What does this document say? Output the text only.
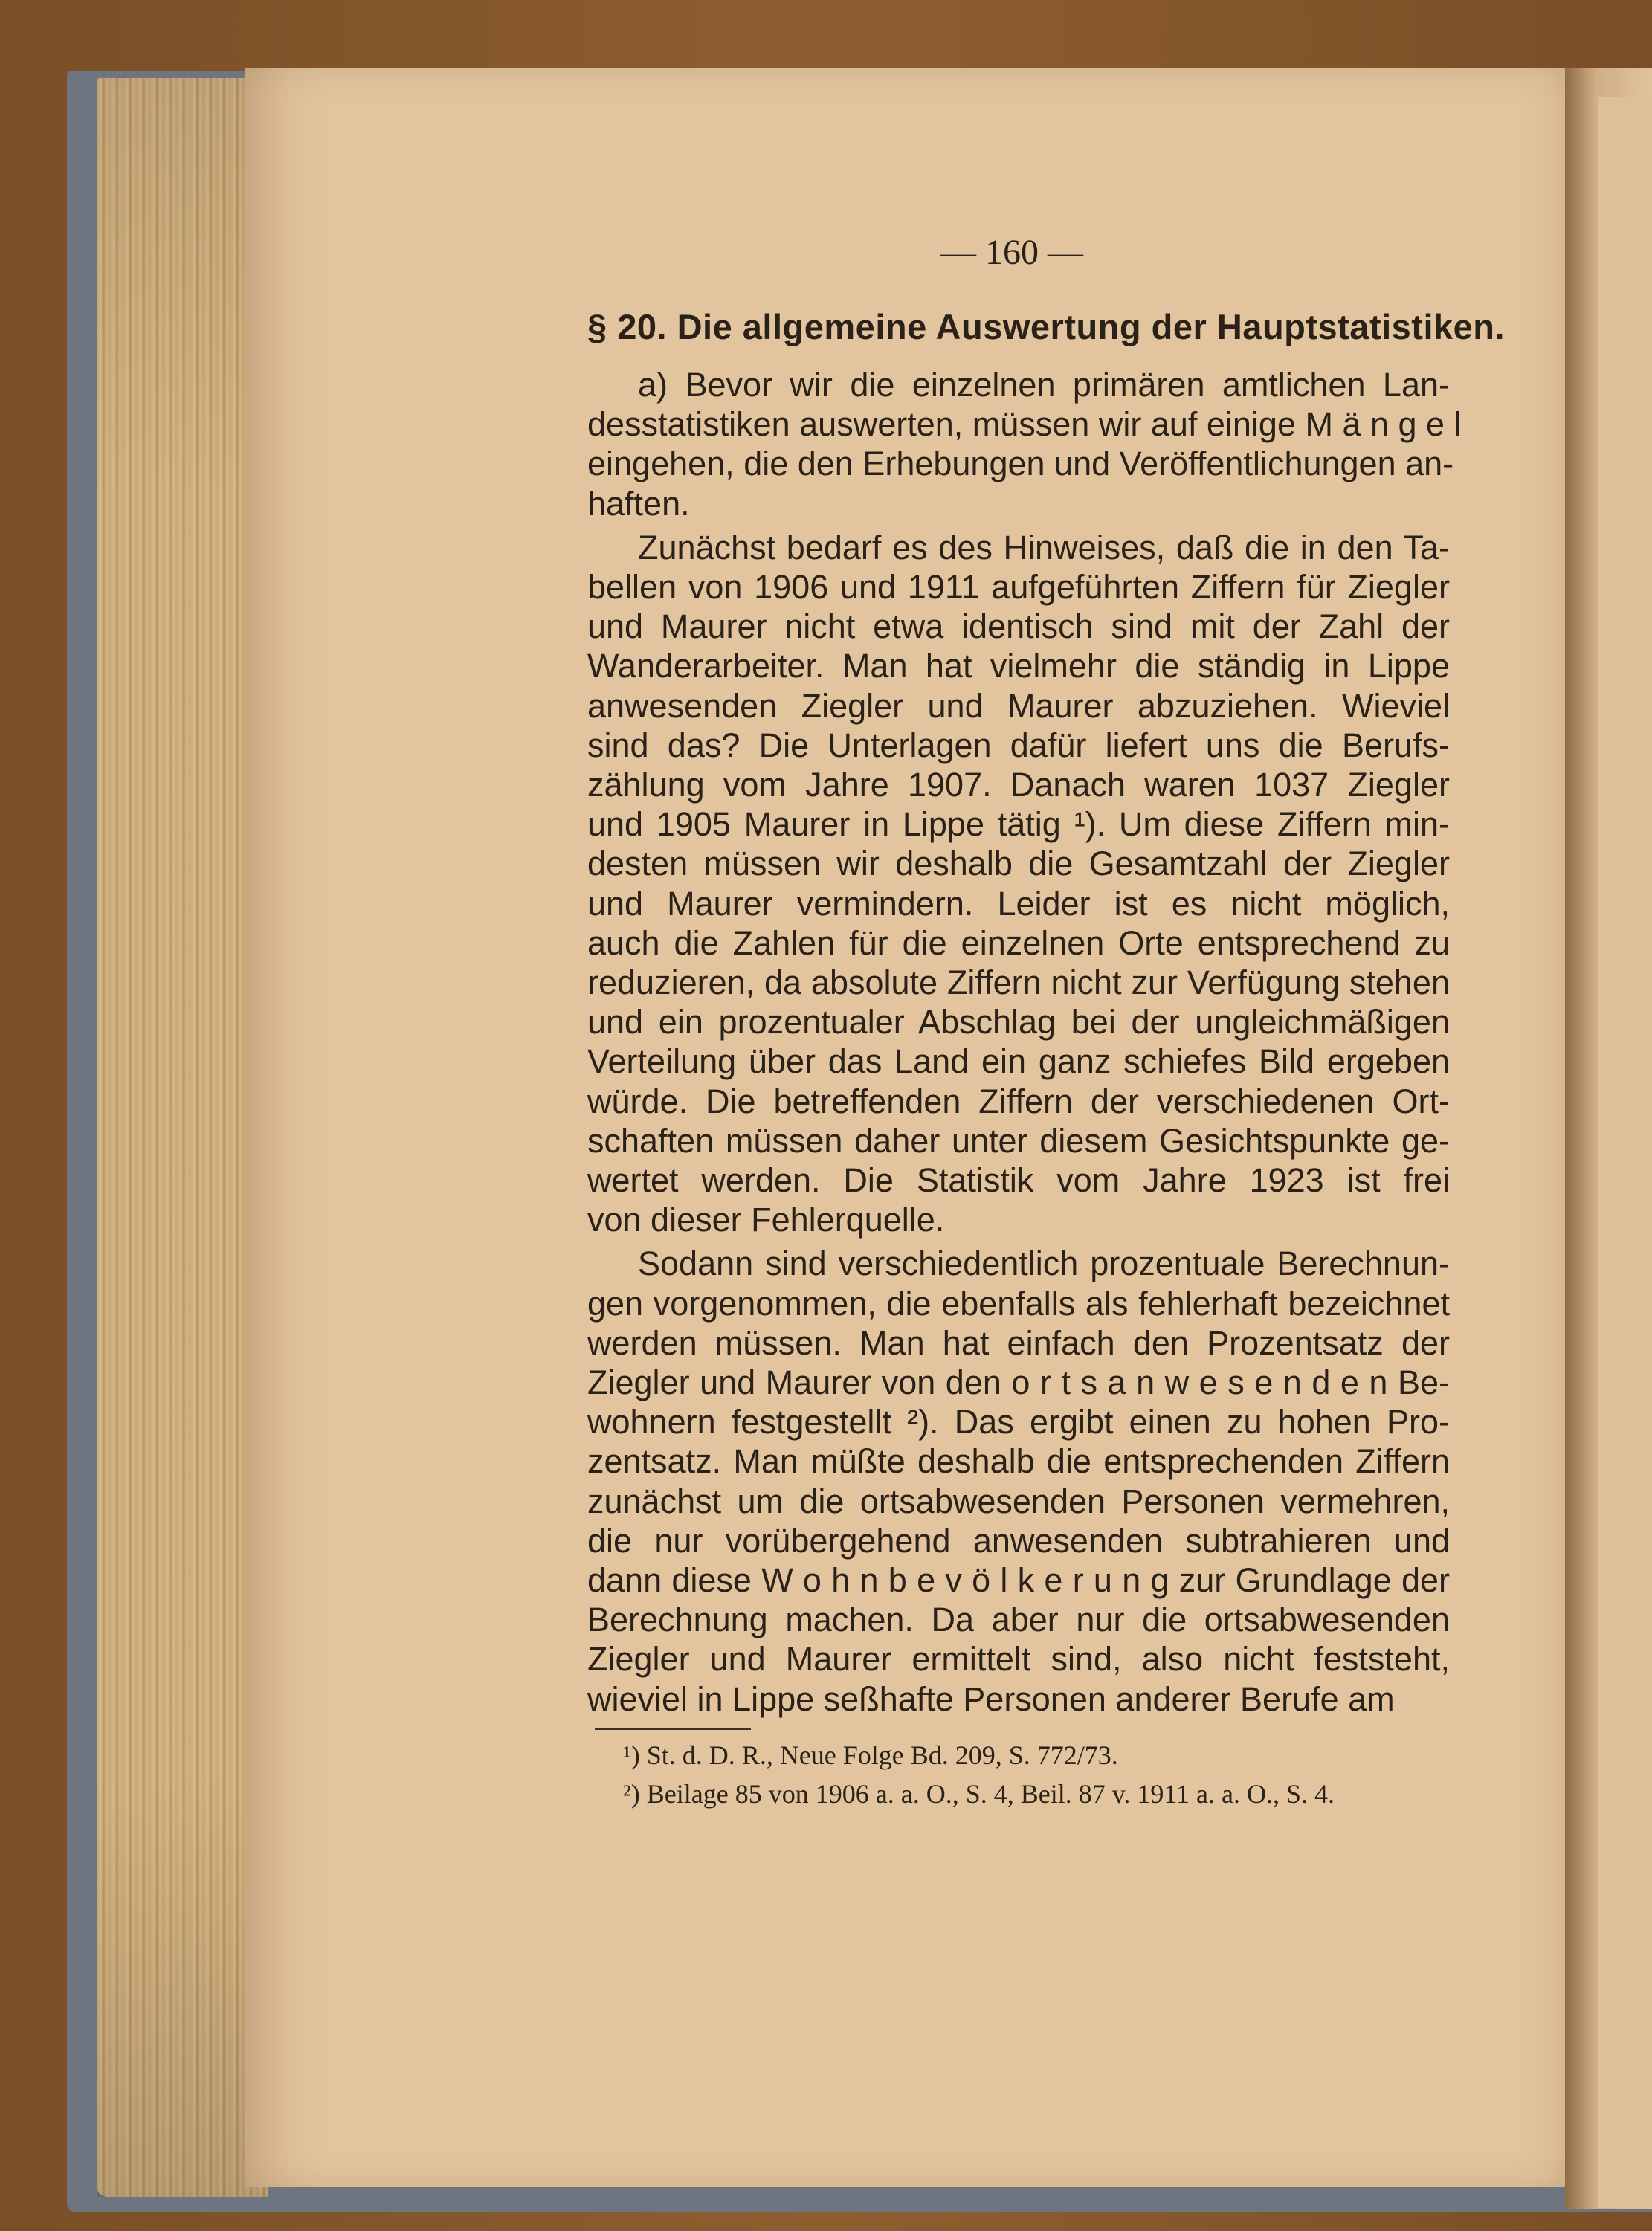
— 160 —
§ 20. Die allgemeine Auswertung der Hauptstatistiken.
a) Bevor wir die einzelnen primären amtlichen Lan-
desstatistiken auswerten, müssen wir auf einige M ä n g e l
eingehen, die den Erhebungen und Veröffentlichungen an-
haften.
Zunächst bedarf es des Hinweises, daß die in den Ta-
bellen von 1906 und 1911 aufgeführten Ziffern für Ziegler
und Maurer nicht etwa identisch sind mit der Zahl der
Wanderarbeiter. Man hat vielmehr die ständig in Lippe
anwesenden Ziegler und Maurer abzuziehen. Wieviel
sind das? Die Unterlagen dafür liefert uns die Berufs-
zählung vom Jahre 1907. Danach waren 1037 Ziegler
und 1905 Maurer in Lippe tätig ¹). Um diese Ziffern min-
desten müssen wir deshalb die Gesamtzahl der Ziegler
und Maurer vermindern. Leider ist es nicht möglich,
auch die Zahlen für die einzelnen Orte entsprechend zu
reduzieren, da absolute Ziffern nicht zur Verfügung stehen
und ein prozentualer Abschlag bei der ungleichmäßigen
Verteilung über das Land ein ganz schiefes Bild ergeben
würde. Die betreffenden Ziffern der verschiedenen Ort-
schaften müssen daher unter diesem Gesichtspunkte ge-
wertet werden. Die Statistik vom Jahre 1923 ist frei
von dieser Fehlerquelle.
Sodann sind verschiedentlich prozentuale Berechnun-
gen vorgenommen, die ebenfalls als fehlerhaft bezeichnet
werden müssen. Man hat einfach den Prozentsatz der
Ziegler und Maurer von den o r t s a n w e s e n d e n Be-
wohnern festgestellt ²). Das ergibt einen zu hohen Pro-
zentsatz. Man müßte deshalb die entsprechenden Ziffern
zunächst um die ortsabwesenden Personen vermehren,
die nur vorübergehend anwesenden subtrahieren und
dann diese W o h n b e v ö l k e r u n g zur Grundlage der
Berechnung machen. Da aber nur die ortsabwesenden
Ziegler und Maurer ermittelt sind, also nicht feststeht,
wieviel in Lippe seßhafte Personen anderer Berufe am
¹) St. d. D. R., Neue Folge Bd. 209, S. 772/73.
²) Beilage 85 von 1906 a. a. O., S. 4, Beil. 87 v. 1911 a. a. O., S. 4.
